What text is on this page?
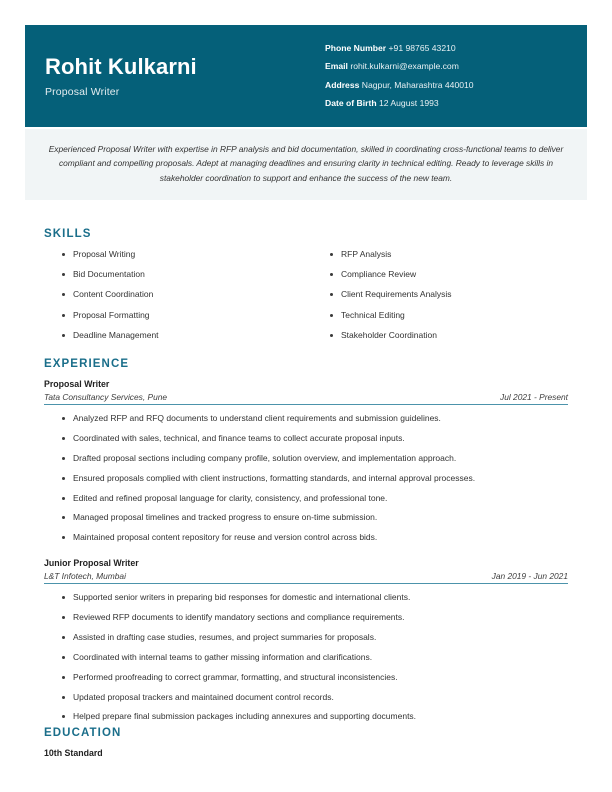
Rohit Kulkarni
Proposal Writer
Phone Number +91 98765 43210
Email rohit.kulkarni@example.com
Address Nagpur, Maharashtra 440010
Date of Birth 12 August 1993

Experienced Proposal Writer with expertise in RFP analysis and bid documentation, skilled in coordinating cross-functional teams to deliver compliant and compelling proposals. Adept at managing deadlines and ensuring clarity in technical editing. Ready to leverage skills in stakeholder coordination to support and enhance the success of the new team.

SKILLS
Proposal Writing
Bid Documentation
Content Coordination
Proposal Formatting
Deadline Management
RFP Analysis
Compliance Review
Client Requirements Analysis
Technical Editing
Stakeholder Coordination
EXPERIENCE
Proposal Writer
Tata Consultancy Services, Pune	Jul 2021 - Present
Analyzed RFP and RFQ documents to understand client requirements and submission guidelines.
Coordinated with sales, technical, and finance teams to collect accurate proposal inputs.
Drafted proposal sections including company profile, solution overview, and implementation approach.
Ensured proposals complied with client instructions, formatting standards, and internal approval processes.
Edited and refined proposal language for clarity, consistency, and professional tone.
Managed proposal timelines and tracked progress to ensure on-time submission.
Maintained proposal content repository for reuse and version control across bids.
Junior Proposal Writer
L&T Infotech, Mumbai	Jan 2019 - Jun 2021
Supported senior writers in preparing bid responses for domestic and international clients.
Reviewed RFP documents to identify mandatory sections and compliance requirements.
Assisted in drafting case studies, resumes, and project summaries for proposals.
Coordinated with internal teams to gather missing information and clarifications.
Performed proofreading to correct grammar, formatting, and structural inconsistencies.
Updated proposal trackers and maintained document control records.
Helped prepare final submission packages including annexures and supporting documents.
EDUCATION
10th Standard
